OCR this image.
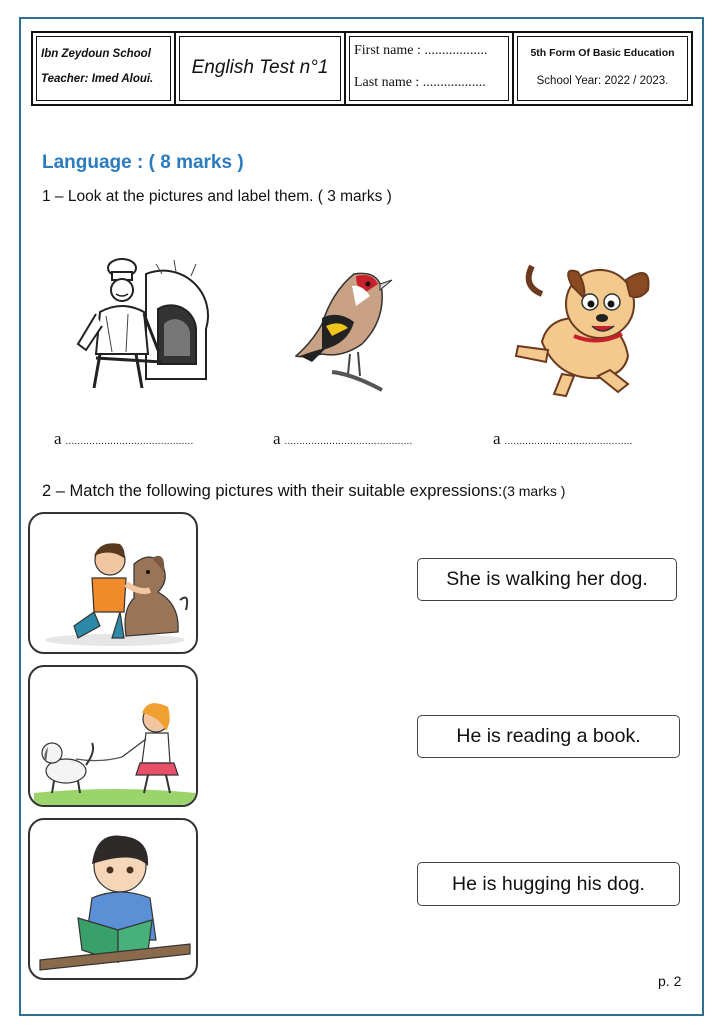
Ibn Zeydoun School
Teacher: Imed Aloui.
English Test n°1
First name : ..................
Last name : ..................
5th Form Of Basic Education
School Year: 2022 / 2023.
Language : ( 8 marks )
1 – Look at the pictures and label them. ( 3 marks )
a ...........................................	a ...........................................	a ...........................................
2 – Match the following pictures with their suitable expressions:(3 marks )
She is walking her dog.
He is reading a book.
He is hugging his dog.
p. 2
